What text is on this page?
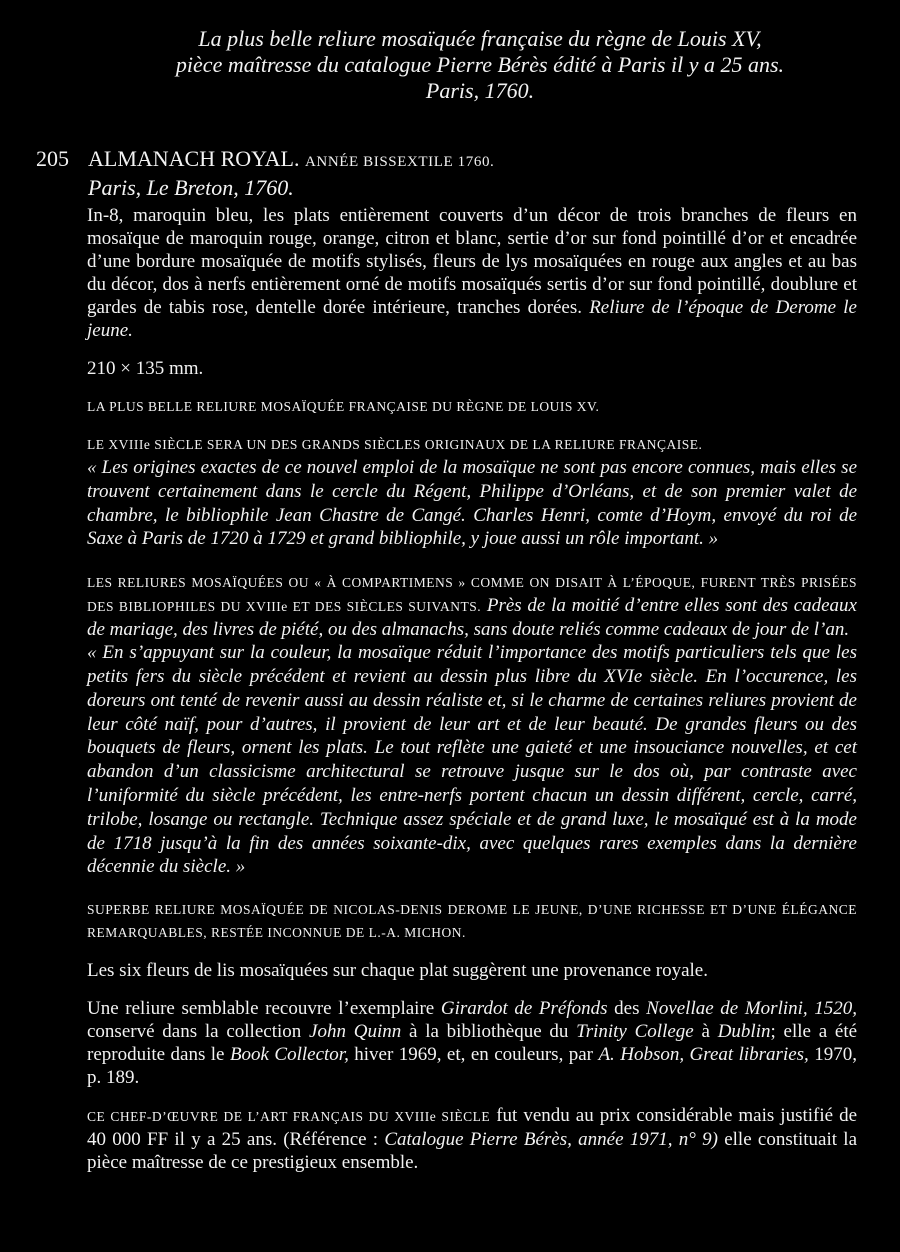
La plus belle reliure mosaïquée française du règne de Louis XV,
pièce maîtresse du catalogue Pierre Bérès édité à Paris il y a 25 ans.
Paris, 1760.
205 ALMANACH ROYAL. ANNÉE BISSEXTILE 1760.
Paris, Le Breton, 1760.

In-8, maroquin bleu, les plats entièrement couverts d’un décor de trois branches de fleurs en mosaïque de maroquin rouge, orange, citron et blanc, sertie d’or sur fond pointillé d’or et encadrée d’une bordure mosaïquée de motifs stylisés, fleurs de lys mosaïquées en rouge aux angles et au bas du décor, dos à nerfs entièrement orné de motifs mosaïqués sertis d’or sur fond pointillé, doublure et gardes de tabis rose, dentelle dorée intérieure, tranches dorées. Reliure de l’époque de Derome le jeune.

210 × 135 mm.

LA PLUS BELLE RELIURE MOSAÏQUÉE FRANÇAISE DU RÈGNE DE LOUIS XV.

LE XVIIIe SIÈCLE SERA UN DES GRANDS SIÈCLES ORIGINAUX DE LA RELIURE FRANÇAISE.

« Les origines exactes de ce nouvel emploi de la mosaïque ne sont pas encore connues, mais elles se trouvent certainement dans le cercle du Régent, Philippe d’Orléans, et de son premier valet de chambre, le bibliophile Jean Chastre de Cangé. Charles Henri, comte d’Hoym, envoyé du roi de Saxe à Paris de 1720 à 1729 et grand bibliophile, y joue aussi un rôle important. »

LES RELIURES MOSAÏQUÉES OU « À COMPARTIMENS » COMME ON DISAIT À L’ÉPOQUE, FURENT TRÈS PRISÉES DES BIBLIOPHILES DU XVIIIe ET DES SIÈCLES SUIVANTS. Près de la moitié d’entre elles sont des cadeaux de mariage, des livres de piété, ou des almanachs, sans doute reliés comme cadeaux de jour de l’an.

« En s’appuyant sur la couleur, la mosaïque réduit l’importance des motifs particuliers tels que les petits fers du siècle précédent et revient au dessin plus libre du XVIe siècle. En l’occurence, les doreurs ont tenté de revenir aussi au dessin réaliste et, si le charme de certaines reliures provient de leur côté naïf, pour d’autres, il provient de leur art et de leur beauté. De grandes fleurs ou des bouquets de fleurs, ornent les plats. Le tout reflète une gaieté et une insouciance nouvelles, et cet abandon d’un classicisme architectural se retrouve jusque sur le dos où, par contraste avec l’uniformité du siècle précédent, les entre-nerfs portent chacun un dessin différent, cercle, carré, trilobe, losange ou rectangle. Technique assez spéciale et de grand luxe, le mosaïqué est à la mode de 1718 jusqu’à la fin des années soixante-dix, avec quelques rares exemples dans la dernière décennie du siècle. »

SUPERBE RELIURE MOSAÏQUÉE DE NICOLAS-DENIS DEROME LE JEUNE, D’UNE RICHESSE ET D’UNE ÉLÉGANCE REMARQUABLES, RESTÉE INCONNUE DE L.-A. MICHON.

Les six fleurs de lis mosaïquées sur chaque plat suggèrent une provenance royale.

Une reliure semblable recouvre l’exemplaire Girardot de Préfonds des Novellae de Morlini, 1520, conservé dans la collection John Quinn à la bibliothèque du Trinity College à Dublin; elle a été reproduite dans le Book Collector, hiver 1969, et, en couleurs, par A. Hobson, Great libraries, 1970, p. 189.

CE CHEF-D’ŒUVRE DE L’ART FRANÇAIS DU XVIIIe SIÈCLE fut vendu au prix considérable mais justifié de 40 000 FF il y a 25 ans. (Référence : Catalogue Pierre Bérès, année 1971, n° 9) elle constituait la pièce maîtresse de ce prestigieux ensemble.
